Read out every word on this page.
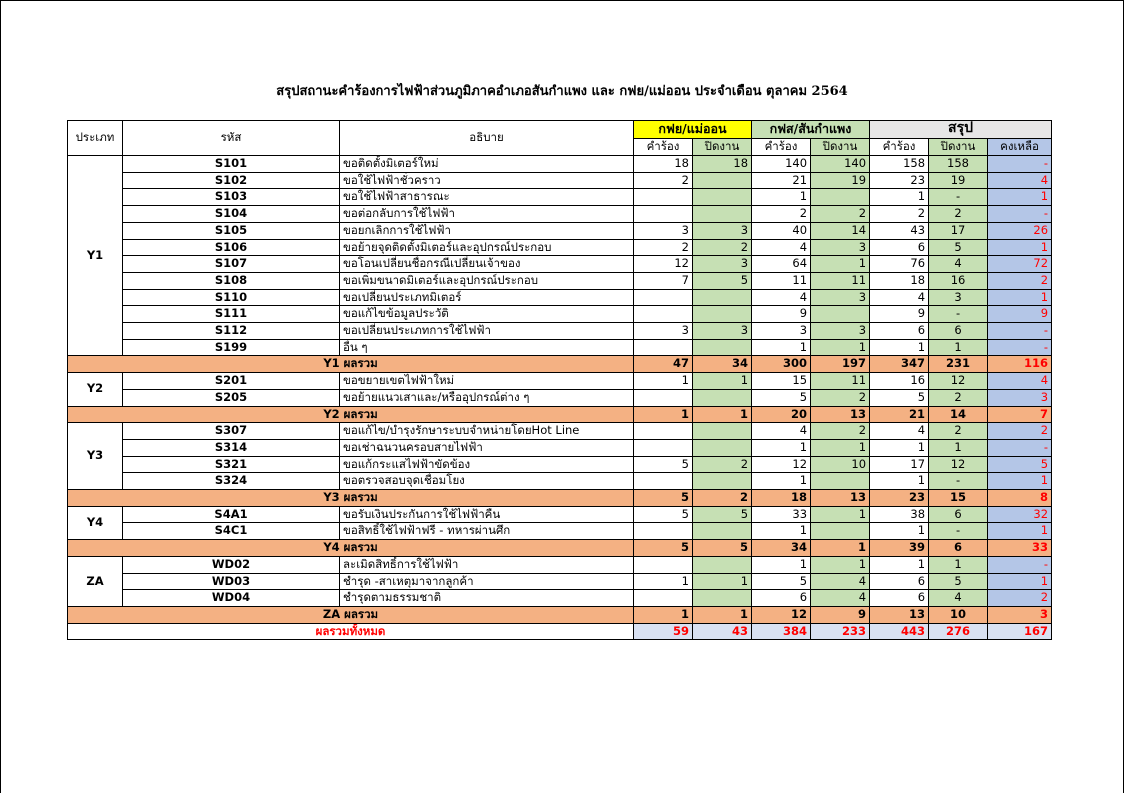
สรุปสถานะคำร้องการไฟฟ้าส่วนภูมิภาคอำเภอสันกำแพง และ กฟย/แม่ออน ประจำเดือน ตุลาคม 2564
ประเภท	รหัส	อธิบาย	กฟย/แม่ออน		กฟส/สันกำแพง		สรุป		
			คำร้อง	ปิดงาน	คำร้อง	ปิดงาน	คำร้อง	ปิดงาน	คงเหลือ
Y1	S101	ขอติดตั้งมิเตอร์ใหม่	18	18	140	140	158	158	-
	S102	ขอใช้ไฟฟ้าชั่วคราว	2		21	19	23	19	4
	S103	ขอใช้ไฟฟ้าสาธารณะ			1		1	-	1
	S104	ขอต่อกลับการใช้ไฟฟ้า			2	2	2	2	-
	S105	ขอยกเลิกการใช้ไฟฟ้า	3	3	40	14	43	17	26
	S106	ขอย้ายจุดติดตั้งมิเตอร์และอุปกรณ์ประกอบ	2	2	4	3	6	5	1
	S107	ขอโอนเปลี่ยนชื่อกรณีเปลี่ยนเจ้าของ	12	3	64	1	76	4	72
	S108	ขอเพิ่มขนาดมิเตอร์และอุปกรณ์ประกอบ	7	5	11	11	18	16	2
	S110	ขอเปลี่ยนประเภทมิเตอร์			4	3	4	3	1
	S111	ขอแก้ไขข้อมูลประวัติ			9		9	-	9
	S112	ขอเปลี่ยนประเภทการใช้ไฟฟ้า	3	3	3	3	6	6	-
	S199	อื่น ๆ			1	1	1	1	-
Y1 ผลรวม			47	34	300	197	347	231	116
Y2	S201	ขอขยายเขตไฟฟ้าใหม่	1	1	15	11	16	12	4
	S205	ขอย้ายแนวเสาและ/หรืออุปกรณ์ต่าง ๆ			5	2	5	2	3
Y2 ผลรวม			1	1	20	13	21	14	7
Y3	S307	ขอแก้ไข/บำรุงรักษาระบบจำหน่ายโดยHot Line			4	2	4	2	2
	S314	ขอเช่าฉนวนครอบสายไฟฟ้า			1	1	1	1	-
	S321	ขอแก้กระแสไฟฟ้าขัดข้อง	5	2	12	10	17	12	5
	S324	ขอตรวจสอบจุดเชื่อมโยง			1		1	-	1
Y3 ผลรวม			5	2	18	13	23	15	8
Y4	S4A1	ขอรับเงินประกันการใช้ไฟฟ้าคืน	5	5	33	1	38	6	32
	S4C1	ขอสิทธิ์ใช้ไฟฟ้าฟรี - ทหารผ่านศึก			1		1	-	1
Y4 ผลรวม			5	5	34	1	39	6	33
ZA	WD02	ละเมิดสิทธิ์การใช้ไฟฟ้า			1	1	1	1	-
	WD03	ชำรุด -สาเหตุมาจากลูกค้า	1	1	5	4	6	5	1
	WD04	ชำรุดตามธรรมชาติ			6	4	6	4	2
ZA ผลรวม			1	1	12	9	13	10	3
ผลรวมทั้งหมด			59	43	384	233	443	276	167
